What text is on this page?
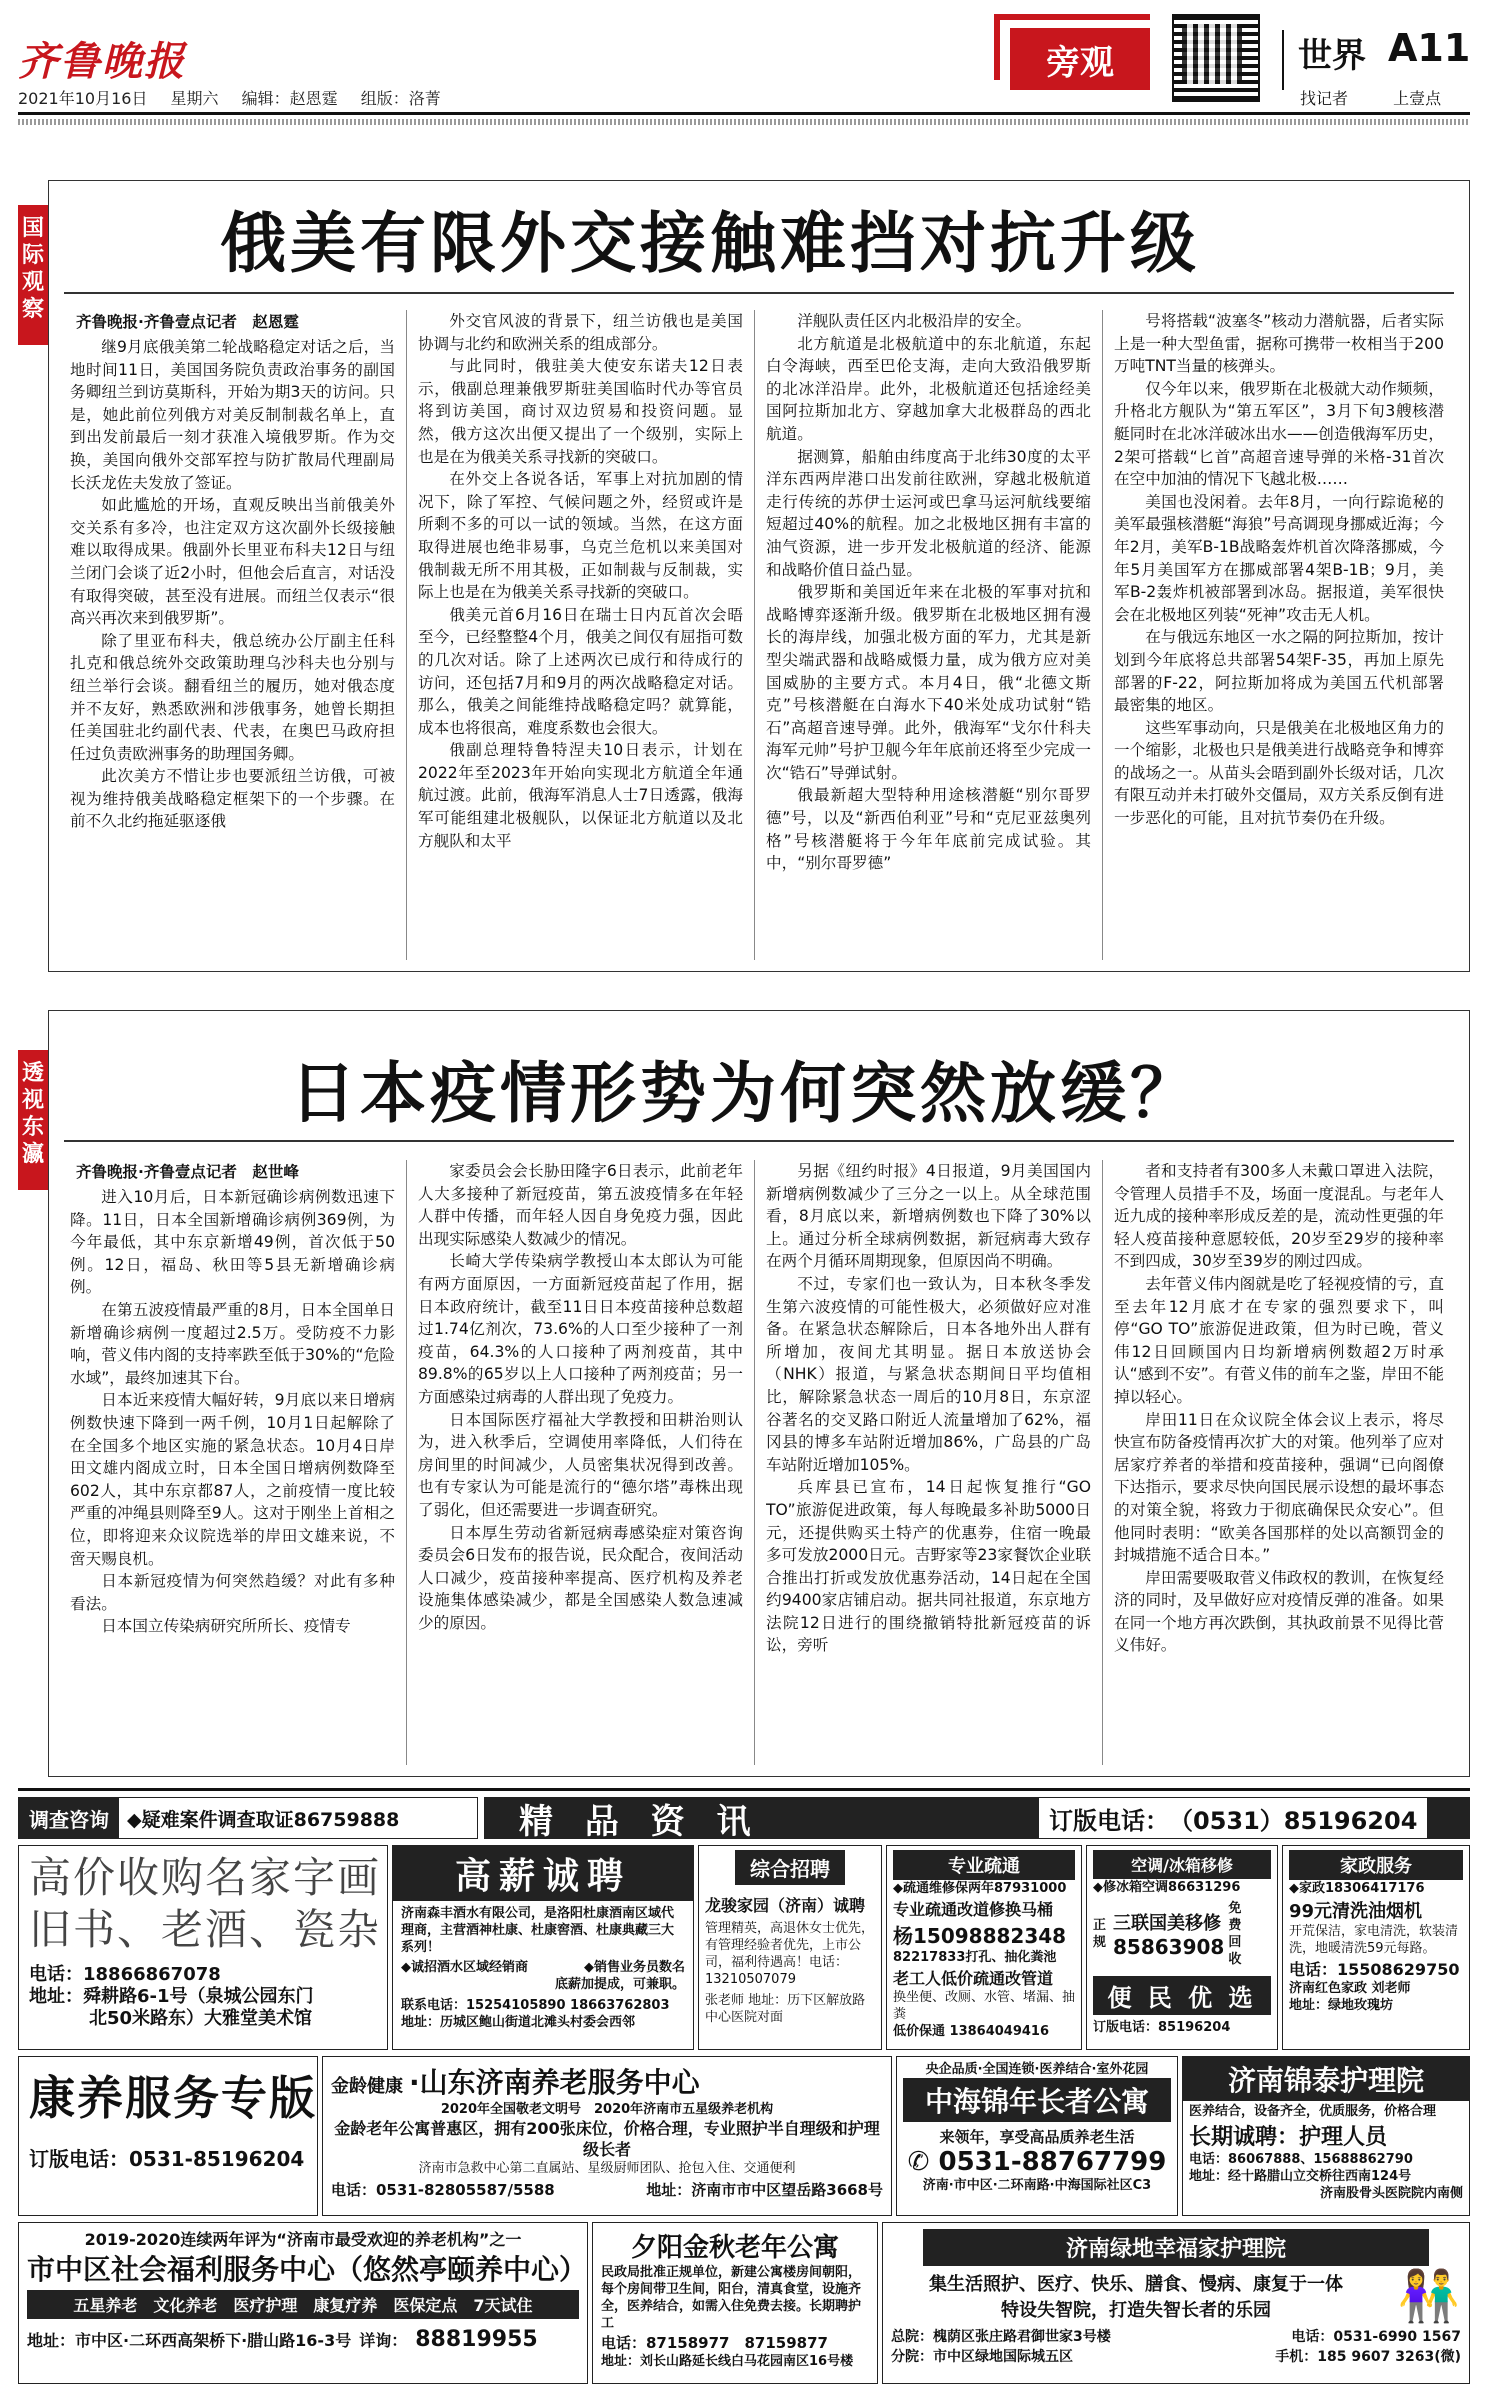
齐鲁晚报
2021年10月16日 星期六 编辑：赵恩霆 组版：洛菁
旁观	世界 A11
找记者	上壹点
国际观察
俄美有限外交接触难挡对抗升级
齐鲁晚报·齐鲁壹点记者　赵恩霆

继9月底俄美第二轮战略稳定对话之后，当地时间11日，美国国务院负责政治事务的副国务卿纽兰到访莫斯科，开始为期3天的访问。只是，她此前位列俄方对美反制制裁名单上，直到出发前最后一刻才获准入境俄罗斯。作为交换，美国向俄外交部军控与防扩散局代理副局长沃龙佐夫发放了签证。

如此尴尬的开场，直观反映出当前俄美外交关系有多冷，也注定双方这次副外长级接触难以取得成果。俄副外长里亚布科夫12日与纽兰闭门会谈了近2小时，但他会后直言，对话没有取得突破，甚至没有进展。而纽兰仅表示“很高兴再次来到俄罗斯”。

除了里亚布科夫，俄总统办公厅副主任科扎克和俄总统外交政策助理乌沙科夫也分别与纽兰举行会谈。翻看纽兰的履历，她对俄态度并不友好，熟悉欧洲和涉俄事务，她曾长期担任美国驻北约副代表、代表，在奥巴马政府担任过负责欧洲事务的助理国务卿。

此次美方不惜让步也要派纽兰访俄，可被视为维持俄美战略稳定框架下的一个步骤。在前不久北约拖延驱逐俄

外交官风波的背景下，纽兰访俄也是美国协调与北约和欧洲关系的组成部分。

与此同时，俄驻美大使安东诺夫12日表示，俄副总理兼俄罗斯驻美国临时代办等官员将到访美国，商讨双边贸易和投资问题。显然，俄方这次出便又提出了一个级别，实际上也是在为俄美关系寻找新的突破口。

在外交上各说各话，军事上对抗加剧的情况下，除了军控、气候问题之外，经贸或许是所剩不多的可以一试的领域。当然，在这方面取得进展也绝非易事，乌克兰危机以来美国对俄制裁无所不用其极，正如制裁与反制裁，实际上也是在为俄美关系寻找新的突破口。

俄美元首6月16日在瑞士日内瓦首次会晤至今，已经整整4个月，俄美之间仅有屈指可数的几次对话。除了上述两次已成行和待成行的访问，还包括7月和9月的两次战略稳定对话。那么，俄美之间能维持战略稳定吗？就算能，成本也将很高，难度系数也会很大。

俄副总理特鲁特涅夫10日表示，计划在2022年至2023年开始向实现北方航道全年通航过渡。此前，俄海军消息人士7日透露，俄海军可能组建北极舰队，以保证北方航道以及北方舰队和太平

洋舰队责任区内北极沿岸的安全。

北方航道是北极航道中的东北航道，东起白令海峡，西至巴伦支海，走向大致沿俄罗斯的北冰洋沿岸。此外，北极航道还包括途经美国阿拉斯加北方、穿越加拿大北极群岛的西北航道。

据测算，船舶由纬度高于北纬30度的太平洋东西两岸港口出发前往欧洲，穿越北极航道走行传统的苏伊士运河或巴拿马运河航线要缩短超过40%的航程。加之北极地区拥有丰富的油气资源，进一步开发北极航道的经济、能源和战略价值日益凸显。

俄罗斯和美国近年来在北极的军事对抗和战略博弈逐渐升级。俄罗斯在北极地区拥有漫长的海岸线，加强北极方面的军力，尤其是新型尖端武器和战略威慑力量，成为俄方应对美国威胁的主要方式。本月4日，俄“北德文斯克”号核潜艇在白海水下40米处成功试射“锆石”高超音速导弹。此外，俄海军“戈尔什科夫海军元帅”号护卫舰今年年底前还将至少完成一次“锆石”导弹试射。

俄最新超大型特种用途核潜艇“别尔哥罗德”号，以及“新西伯利亚”号和“克尼亚兹奥列格”号核潜艇将于今年年底前完成试验。其中，“别尔哥罗德”

号将搭载“波塞冬”核动力潜航器，后者实际上是一种大型鱼雷，据称可携带一枚相当于200万吨TNT当量的核弹头。

仅今年以来，俄罗斯在北极就大动作频频，升格北方舰队为“第五军区”，3月下旬3艘核潜艇同时在北冰洋破冰出水——创造俄海军历史，2架可搭载“匕首”高超音速导弹的米格-31首次在空中加油的情况下飞越北极……

美国也没闲着。去年8月，一向行踪诡秘的美军最强核潜艇“海狼”号高调现身挪威近海；今年2月，美军B-1B战略轰炸机首次降落挪威，今年5月美国军方在挪威部署4架B-1B；9月，美军B-2轰炸机被部署到冰岛。据报道，美军很快会在北极地区列装“死神”攻击无人机。

在与俄远东地区一水之隔的阿拉斯加，按计划到今年底将总共部署54架F-35，再加上原先部署的F-22，阿拉斯加将成为美国五代机部署最密集的地区。

这些军事动向，只是俄美在北极地区角力的一个缩影，北极也只是俄美进行战略竞争和博弈的战场之一。从苗头会晤到副外长级对话，几次有限互动并未打破外交僵局，双方关系反倒有进一步恶化的可能，且对抗节奏仍在升级。

透视东瀛
日本疫情形势为何突然放缓？
齐鲁晚报·齐鲁壹点记者　赵世峰

进入10月后，日本新冠确诊病例数迅速下降。11日，日本全国新增确诊病例369例，为今年最低，其中东京新增49例，首次低于50例。12日，福岛、秋田等5县无新增确诊病例。

在第五波疫情最严重的8月，日本全国单日新增确诊病例一度超过2.5万。受防疫不力影响，菅义伟内阁的支持率跌至低于30%的“危险水域”，最终加速其下台。

日本近来疫情大幅好转，9月底以来日增病例数快速下降到一两千例，10月1日起解除了在全国多个地区实施的紧急状态。10月4日岸田文雄内阁成立时，日本全国日增病例数降至602人，其中东京都87人，之前疫情一度比较严重的冲绳县则降至9人。这对于刚坐上首相之位，即将迎来众议院选举的岸田文雄来说，不啻天赐良机。

日本新冠疫情为何突然趋缓？对此有多种看法。

日本国立传染病研究所所长、疫情专

家委员会会长胁田隆字6日表示，此前老年人大多接种了新冠疫苗，第五波疫情多在年轻人群中传播，而年轻人因自身免疫力强，因此出现实际感染人数减少的情况。

长崎大学传染病学教授山本太郎认为可能有两方面原因，一方面新冠疫苗起了作用，据日本政府统计，截至11日日本疫苗接种总数超过1.74亿剂次，73.6%的人口至少接种了一剂疫苗，64.3%的人口接种了两剂疫苗，其中89.8%的65岁以上人口接种了两剂疫苗；另一方面感染过病毒的人群出现了免疫力。

日本国际医疗福祉大学教授和田耕治则认为，进入秋季后，空调使用率降低，人们待在房间里的时间减少，人员密集状况得到改善。也有专家认为可能是流行的“德尔塔”毒株出现了弱化，但还需要进一步调查研究。

日本厚生劳动省新冠病毒感染症对策咨询委员会6日发布的报告说，民众配合，夜间活动人口减少，疫苗接种率提高、医疗机构及养老设施集体感染减少，都是全国感染人数急速减少的原因。

另据《纽约时报》4日报道，9月美国国内新增病例数减少了三分之一以上。从全球范围看，8月底以来，新增病例数也下降了30%以上。通过分析全球病例数据，新冠病毒大致存在两个月循环周期现象，但原因尚不明确。

不过，专家们也一致认为，日本秋冬季发生第六波疫情的可能性极大，必须做好应对准备。在紧急状态解除后，日本各地外出人群有所增加，夜间尤其明显。据日本放送协会（NHK）报道，与紧急状态期间日平均值相比，解除紧急状态一周后的10月8日，东京涩谷著名的交叉路口附近人流量增加了62%，福冈县的博多车站附近增加86%，广岛县的广岛车站附近增加105%。

兵库县已宣布，14日起恢复推行“GO TO”旅游促进政策，每人每晚最多补助5000日元，还提供购买土特产的优惠券，住宿一晚最多可发放2000日元。吉野家等23家餐饮企业联合推出打折或发放优惠券活动，14日起在全国约9400家店铺启动。据共同社报道，东京地方法院12日进行的围绕撤销特批新冠疫苗的诉讼，旁听

者和支持者有300多人未戴口罩进入法院，令管理人员措手不及，场面一度混乱。与老年人近九成的接种率形成反差的是，流动性更强的年轻人疫苗接种意愿较低，20岁至29岁的接种率不到四成，30岁至39岁的刚过四成。

去年菅义伟内阁就是吃了轻视疫情的亏，直至去年12月底才在专家的强烈要求下，叫停“GO TO”旅游促进政策，但为时已晚，菅义伟12日回顾国内日均新增病例数超2万时承认“感到不安”。有菅义伟的前车之鉴，岸田不能掉以轻心。

岸田11日在众议院全体会议上表示，将尽快宣布防备疫情再次扩大的对策。他列举了应对居家疗养者的举措和疫苗接种，强调“已向阁僚下达指示，要求尽快向国民展示设想的最坏事态的对策全貌，将致力于彻底确保民众安心”。但他同时表明：“欧美各国那样的处以高额罚金的封城措施不适合日本。”

岸田需要吸取菅义伟政权的教训，在恢复经济的同时，及早做好应对疫情反弹的准备。如果在同一个地方再次跌倒，其执政前景不见得比菅义伟好。

调查咨询 ◆疑难案件调查取证86759888	精 品 资 讯	订版电话： （0531）85196204
高价收购名家字画
旧书、老酒、瓷杂
电话：18866867078
地址：舜耕路6-1号（泉城公园东门
北50米路东）大雅堂美术馆
高薪诚聘
济南森丰酒水有限公司，是洛阳杜康酒南区域代理商，主营酒神杜康、杜康窖酒、杜康典藏三大系列！
◆诚招酒水区域经销商	◆销售业务员数名
底薪加提成，可兼职。
联系电话：15254105890 18663762803
地址：历城区鲍山街道北滩头村委会西邻
综合招聘
龙骏家园（济南）诚聘
管理精英，高退休女士优先，有管理经验者优先，上市公司，福利待遇高！电话：13210507079
张老师 地址：历下区解放路中心医院对面
专业疏通
◆疏通维修保两年87931000
专业疏通改道修换马桶
杨15098882348
82217833打孔、抽化粪池
老工人低价疏通改管道
换坐便、改厕、水管、堵漏、抽粪
低价保通 13864049416
空调/冰箱移修
◆修冰箱空调86631296
正规
三联国美移修
85863908
免费回收
便 民 优 选
订版电话：85196204
家政服务
◆家政18306417176
99元清洗油烟机
开荒保洁，家电清洗，软装清洗，地暖清洗59元每路。
电话：15508629750
济南红色家政 刘老师
地址：绿地玫瑰坊
康养服务专版
订版电话：0531-85196204
金龄健康 ·山东济南养老服务中心
2020年全国敬老文明号　2020年济南市五星级养老机构
金龄老年公寓普惠区，拥有200张床位，价格合理，专业照护半自理级和护理级长者
济南市急救中心第二直属站、星级厨师团队、抢包入住、交通便利
电话：0531-82805587/5588	地址：济南市市中区望岳路3668号
央企品质·全国连锁·医养结合·室外花园
中海锦年长者公寓
来领年，享受高品质养老生活
✆ 0531-88767799
济南·市中区·二环南路·中海国际社区C3
济南锦泰护理院
医养结合，设备齐全，优质服务，价格合理
长期诚聘：护理人员
电话：86067888、15688862790
地址：经十路腊山立交桥往西南124号
济南股骨头医院院内南侧
2019-2020连续两年评为“济南市最受欢迎的养老机构”之一
市中区社会福利服务中心（悠然亭颐养中心）
五星养老　文化养老　医疗护理　康复疗养　医保定点　7天试住
地址：市中区·二环西高架桥下·腊山路16-3号 详询： 88819955
夕阳金秋老年公寓
民政局批准正规单位，新建公寓楼房间朝阳，每个房间带卫生间，阳台，清真食堂，设施齐全，医养结合，如需入住免费去接。长期聘护工
电话：87158977　87159877
地址：刘长山路延长线白马花园南区16号楼
济南绿地幸福家护理院
集生活照护、医疗、快乐、膳食、慢病、康复于一体
特设失智院，打造失智长者的乐园	👫
总院：槐荫区张庄路君御世家3号楼	电话：0531-6990 1567
分院：市中区绿地国际城五区	手机：185 9607 3263(微)
